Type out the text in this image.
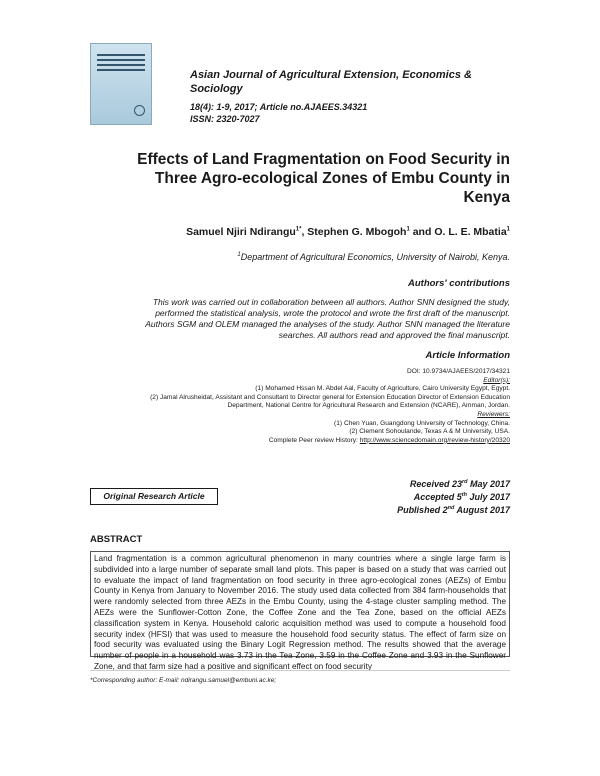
Asian Journal of Agricultural Extension, Economics & Sociology
18(4): 1-9, 2017; Article no.AJAEES.34321
ISSN: 2320-7027
Effects of Land Fragmentation on Food Security in
Three Agro-ecological Zones of Embu County in
Kenya
Samuel Njiri Ndirangu$^{1*}$, Stephen G. Mbogoh$^1$ and O. L. E. Mbatia$^1$
$^1$Department of Agricultural Economics, University of Nairobi, Kenya.
Authors' contributions
This work was carried out in collaboration between all authors. Author SNN designed the study,
performed the statistical analysis, wrote the protocol and wrote the first draft of the manuscript.
Authors SGM and OLEM managed the analyses of the study. Author SNN managed the literature
searches. All authors read and approved the final manuscript.
Article Information
DOI: 10.9734/AJAEES/2017/34321
Editor(s):
(1) Mohamed Hssan M. Abdel Aal, Faculty of Agriculture, Cairo University Egypt, Egypt.
(2) Jamal Alrusheidat, Assistant and Consultant to Director general for Extension Education Director of Extension Education
Department, National Centre for Agricultural Research and Extension (NCARE), Amman, Jordan.
Reviewers:
(1) Chen Yuan, Guangdong University of Technology, China.
(2) Clement Sohoulande, Texas A & M University, USA.
Complete Peer review History: http://www.sciencedomain.org/review-history/20320
Received 23rd May 2017
Accepted 5th July 2017
Published 2nd August 2017
Original Research Article
ABSTRACT

Land fragmentation is a common agricultural phenomenon in many countries where a single large farm is subdivided into a large number of separate small land plots. This paper is based on a study that was carried out to evaluate the impact of land fragmentation on food security in three agro-ecological zones (AEZs) of Embu County in Kenya from January to November 2016. The study used data collected from 384 farm-households that were randomly selected from three AEZs in the Embu County, using the 4-stage cluster sampling method. The AEZs were the Sunflower-Cotton Zone, the Coffee Zone and the Tea Zone, based on the official AEZs classification system in Kenya. Household caloric acquisition method was used to compute a household food security index (HFSI) that was used to measure the household food security status. The effect of farm size on food security was evaluated using the Binary Logit Regression method. The results showed that the average number of people in a household was 3.73 in the Tea Zone, 3.59 in the Coffee Zone and 3.93 in the Sunflower Zone, and that farm size had a positive and significant effect on food security

*Corresponding author: E-mail: ndirangu.samuel@embuni.ac.ke;
